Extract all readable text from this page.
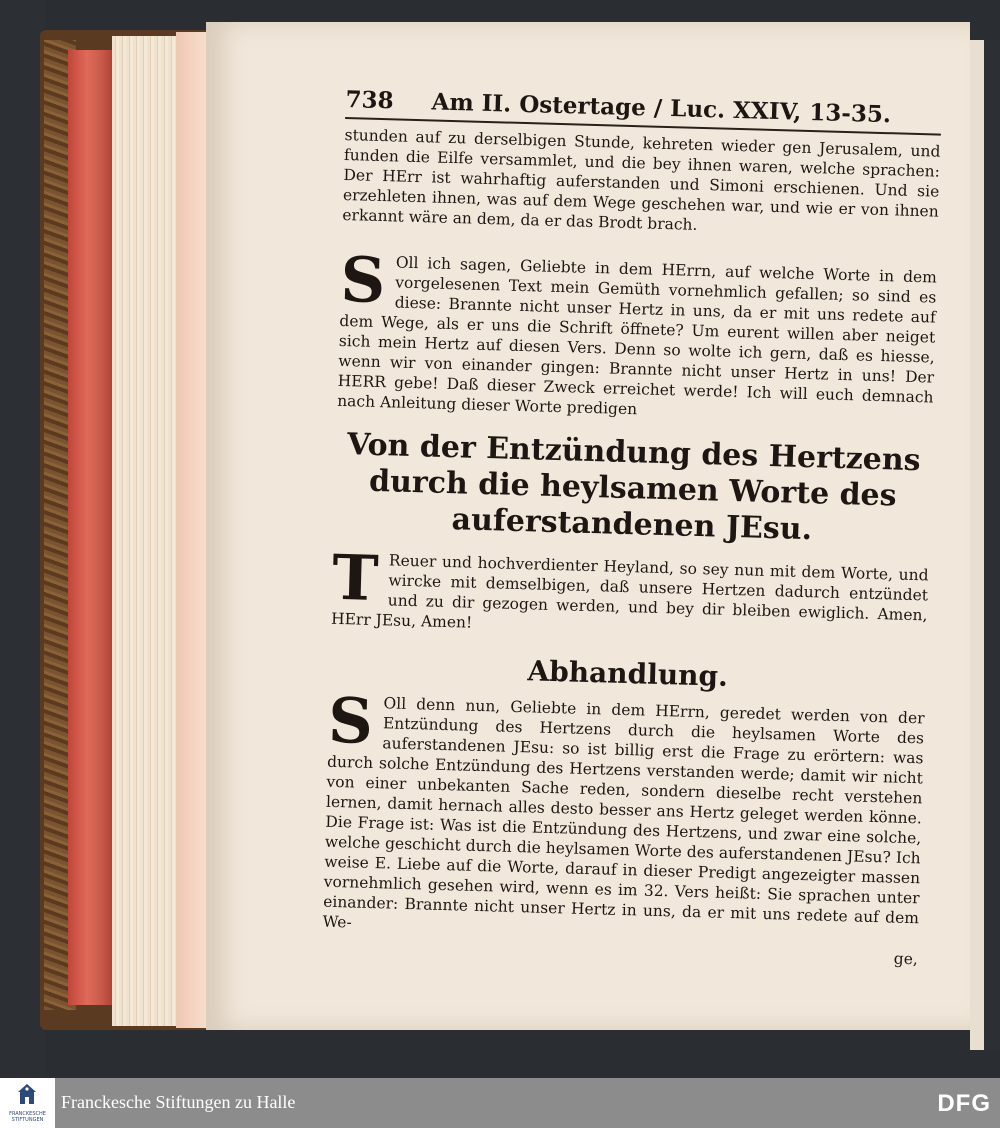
738	Am II. Ostertage / Luc. XXIV, 13-35.

stunden auf zu derselbigen Stunde, kehreten wieder gen Jerusalem, und funden die Eilfe versammlet, und die bey ihnen waren, welche sprachen: Der HErr ist wahrhaftig auferstanden und Simoni erschienen. Und sie erzehleten ihnen, was auf dem Wege geschehen war, und wie er von ihnen erkannt wäre an dem, da er das Brodt brach.

S Oll ich sagen, Geliebte in dem HErrn, auf welche Worte in dem vorgelesenen Text mein Gemüth vornehmlich gefallen; so sind es diese: Brannte nicht unser Hertz in uns, da er mit uns redete auf dem Wege, als er uns die Schrift öffnete? Um eurent willen aber neiget sich mein Hertz auf diesen Vers. Denn so wolte ich gern, daß es hiesse, wenn wir von einander gingen: Brannte nicht unser Hertz in uns! Der HERR gebe! Daß dieser Zweck erreichet werde! Ich will euch demnach nach Anleitung dieser Worte predigen

Von der Entzündung des Hertzens durch die heylsamen Worte des auferstandenen JEsu.

T Reuer und hochverdienter Heyland, so sey nun mit dem Worte, und wircke mit demselbigen, daß unsere Hertzen dadurch entzündet und zu dir gezogen werden, und bey dir bleiben ewiglich. Amen, HErr JEsu, Amen!

Abhandlung.

S Oll denn nun, Geliebte in dem HErrn, geredet werden von der Entzündung des Hertzens durch die heylsamen Worte des auferstandenen JEsu: so ist billig erst die Frage zu erörtern: was durch solche Entzündung des Hertzens verstanden werde; damit wir nicht von einer unbekanten Sache reden, sondern dieselbe recht verstehen lernen, damit hernach alles desto besser ans Hertz geleget werden könne. Die Frage ist: Was ist die Entzündung des Hertzens, und zwar eine solche, welche geschicht durch die heylsamen Worte des auferstandenen JEsu? Ich weise E. Liebe auf die Worte, darauf in dieser Predigt angezeigter massen vornehmlich gesehen wird, wenn es im 32. Vers heißt: Sie sprachen unter einander: Brannte nicht unser Hertz in uns, da er mit uns redete auf dem We-

ge,
FRANCKESCHE STIFTUNGEN
Franckesche Stiftungen zu Halle	DFG
